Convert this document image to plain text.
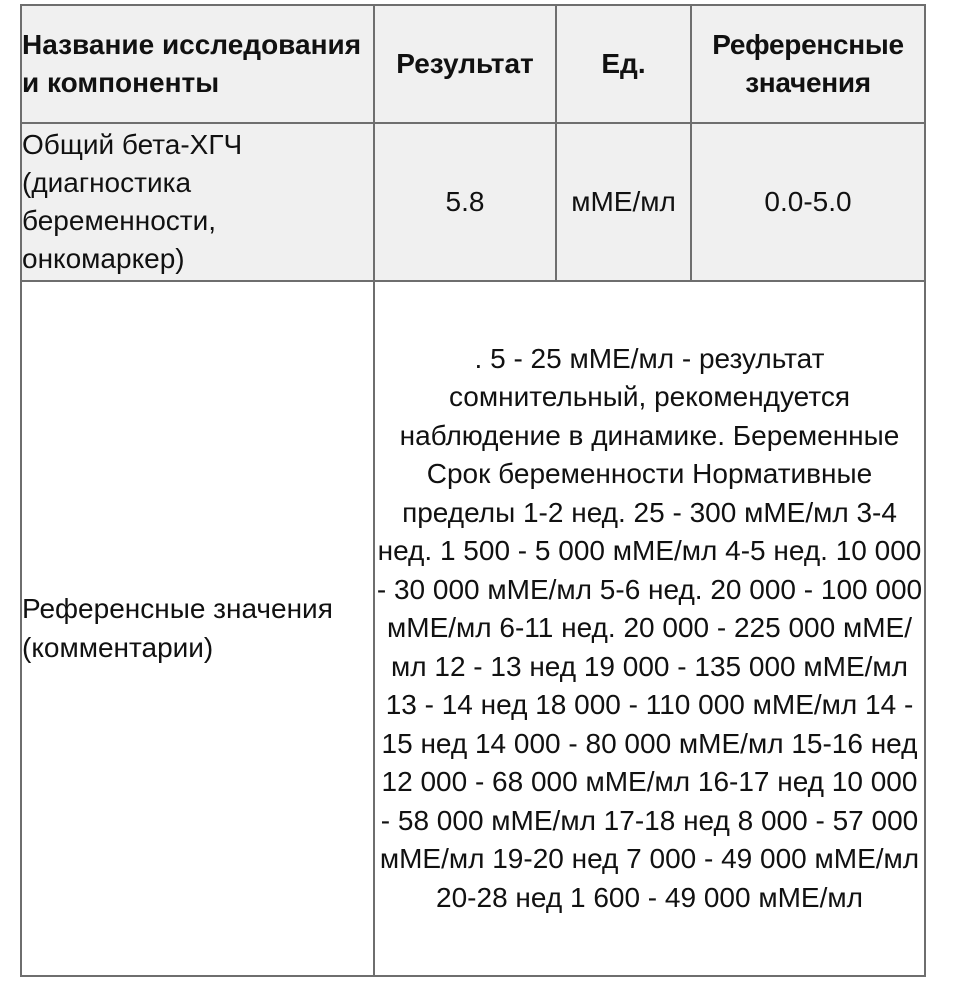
Название исследования и компоненты	Результат	Ед.	Референсные значения
Общий бета-ХГЧ (диагностика беременности, онкомаркер)	5.8	мМЕ/мл	0.0-5.0
Референсные значения (комментарии)	. 5 - 25 мМЕ/мл - результат сомнительный, рекомендуется наблюдение в динамике. Беременные Срок беременности Нормативные пределы 1-2 нед. 25 - 300 мМЕ/мл 3-4 нед. 1 500 - 5 000 мМЕ/мл 4-5 нед. 10 000 - 30 000 мМЕ/мл 5-6 нед. 20 000 - 100 000 мМЕ/мл 6-11 нед. 20 000 - 225 000 мМЕ/мл 12 - 13 нед 19 000 - 135 000 мМЕ/мл 13 - 14 нед 18 000 - 110 000 мМЕ/мл 14 - 15 нед 14 000 - 80 000 мМЕ/мл 15-16 нед 12 000 - 68 000 мМЕ/мл 16-17 нед 10 000 - 58 000 мМЕ/мл 17-18 нед 8 000 - 57 000 мМЕ/мл 19-20 нед 7 000 - 49 000 мМЕ/мл 20-28 нед 1 600 - 49 000 мМЕ/мл		
